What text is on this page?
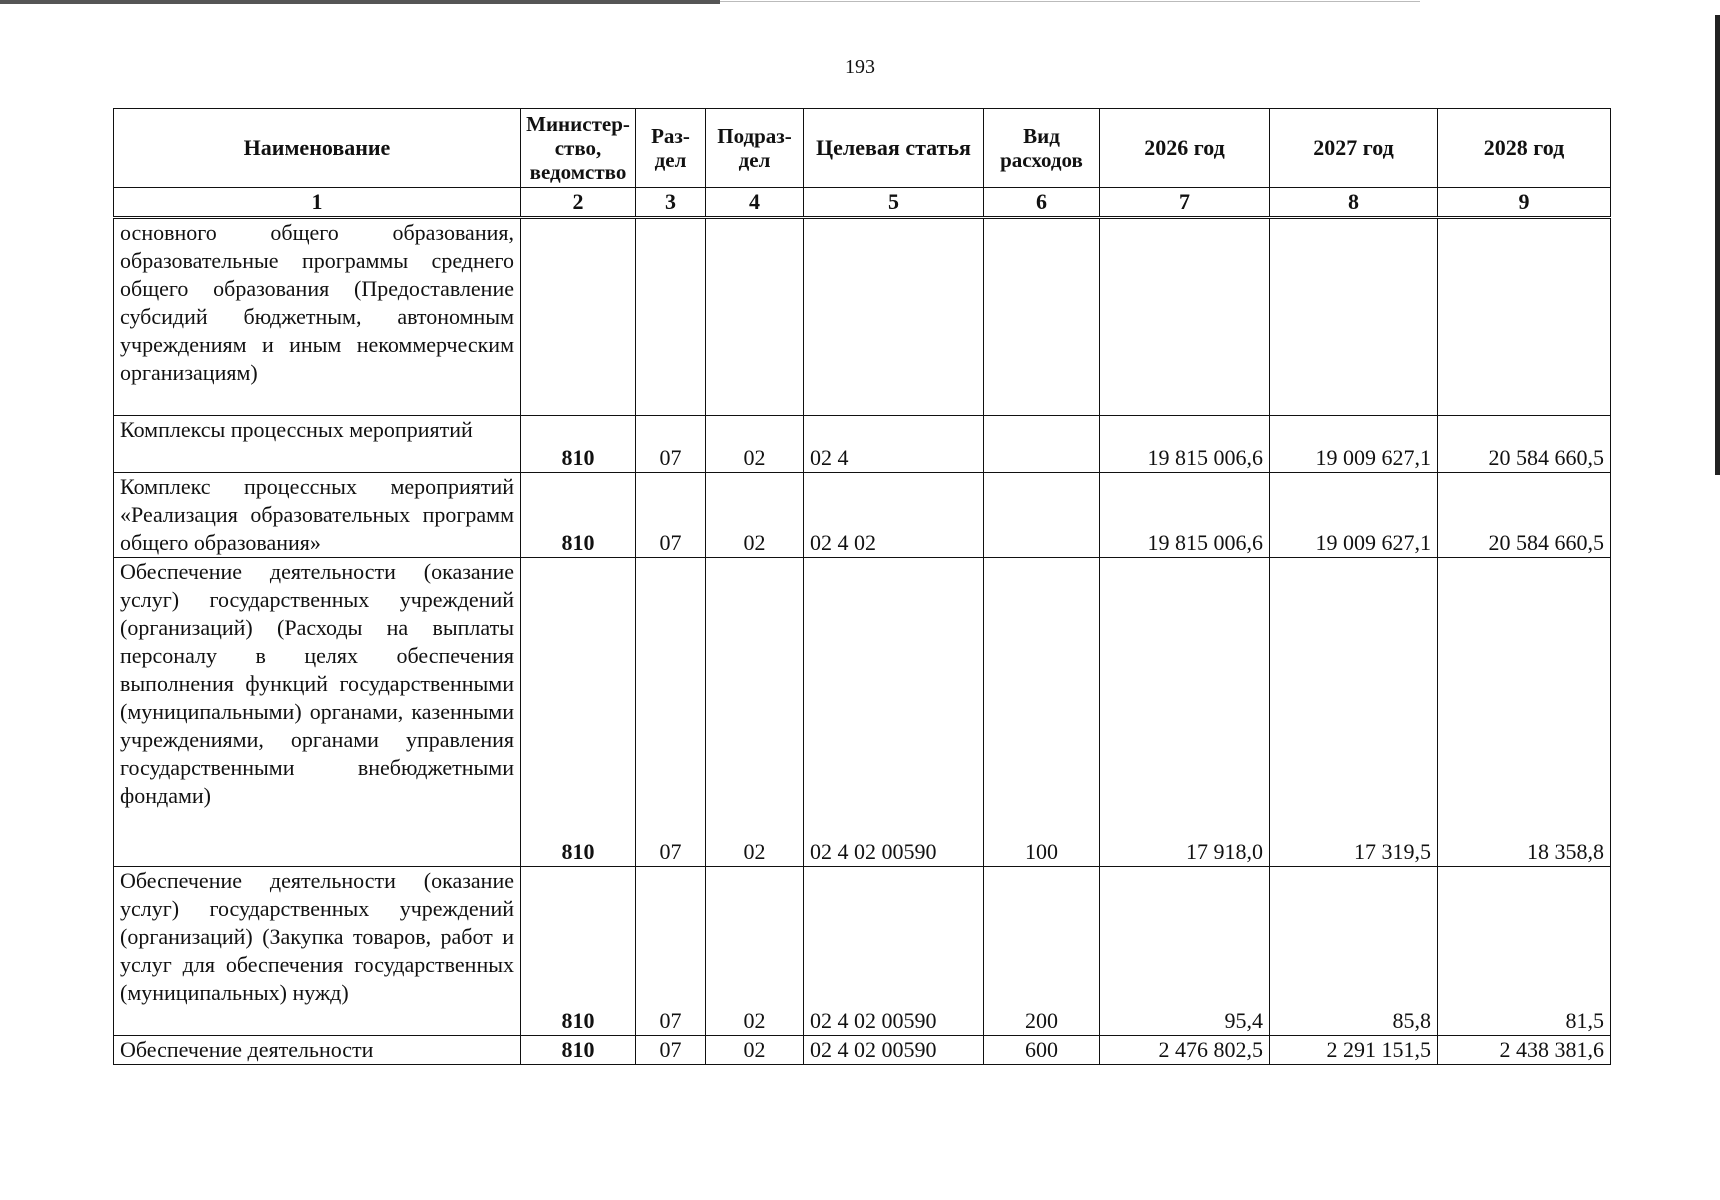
193
Наименование	Министер-ство, ведомство	Раз-дел	Подраз-дел	Целевая статья	Вид расходов	2026 год	2027 год	2028 год
1	2	3	4	5	6	7	8	9
основного общего образования, образовательные программы среднего общего образования (Предоставление субсидий бюджетным, автономным учреждениям и иным некоммерческим организациям)								
Комплексы процессных мероприятий	810	07	02	02 4		19 815 006,6	19 009 627,1	20 584 660,5
Комплекс процессных мероприятий «Реализация образовательных программ общего образования»	810	07	02	02 4 02		19 815 006,6	19 009 627,1	20 584 660,5
Обеспечение деятельности (оказание услуг) государственных учреждений (организаций) (Расходы на выплаты персоналу в целях обеспечения выполнения функций государственными (муниципальными) органами, казенными учреждениями, органами управления государственными внебюджетными фондами)	810	07	02	02 4 02 00590	100	17 918,0	17 319,5	18 358,8
Обеспечение деятельности (оказание услуг) государственных учреждений (организаций) (Закупка товаров, работ и услуг для обеспечения государственных (муниципальных) нужд)	810	07	02	02 4 02 00590	200	95,4	85,8	81,5
Обеспечение деятельности	810	07	02	02 4 02 00590	600	2 476 802,5	2 291 151,5	2 438 381,6
